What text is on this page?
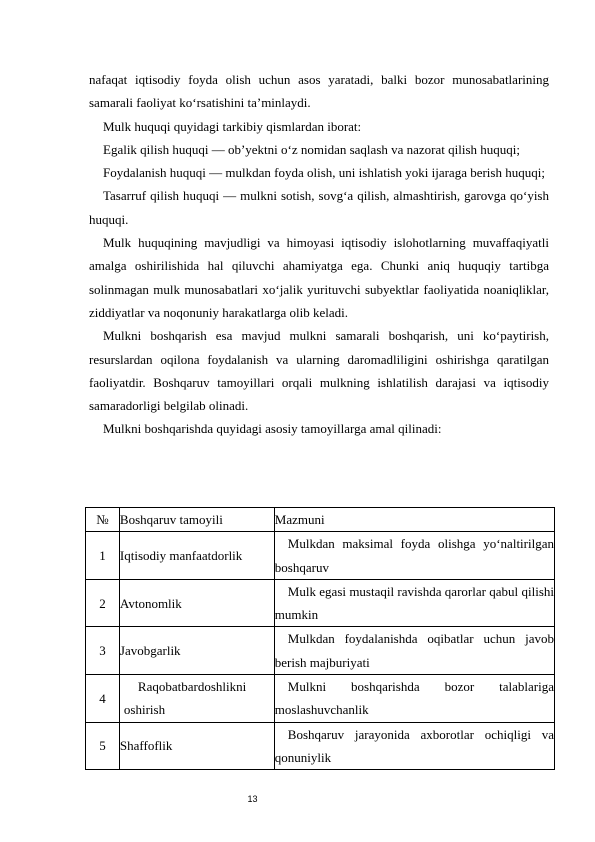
nafaqat iqtisodiy foyda olish uchun asos yaratadi, balki bozor munosabatlarining samarali faoliyat ko‘rsatishini ta’minlaydi.

Mulk huquqi quyidagi tarkibiy qismlardan iborat:

Egalik qilish huquqi — ob’yektni o‘z nomidan saqlash va nazorat qilish huquqi;

Foydalanish huquqi — mulkdan foyda olish, uni ishlatish yoki ijaraga berish huquqi;

Tasarruf qilish huquqi — mulkni sotish, sovg‘a qilish, almashtirish, garovga qo‘yish huquqi.

Mulk huquqining mavjudligi va himoyasi iqtisodiy islohotlarning muvaffaqiyatli amalga oshirilishida hal qiluvchi ahamiyatga ega. Chunki aniq huquqiy tartibga solinmagan mulk munosabatlari xo‘jalik yurituvchi subyektlar faoliyatida noaniqliklar, ziddiyatlar va noqonuniy harakatlarga olib keladi.

Mulkni boshqarish esa mavjud mulkni samarali boshqarish, uni ko‘paytirish, resurslardan oqilona foydalanish va ularning daromadliligini oshirishga qaratilgan faoliyatdir. Boshqaruv tamoyillari orqali mulkning ishlatilish darajasi va iqtisodiy samaradorligi belgilab olinadi.

Mulkni boshqarishda quyidagi asosiy tamoyillarga amal qilinadi:

№	Boshqaruv tamoyili	Mazmuni
1	Iqtisodiy manfaatdorlik	Mulkdan maksimal foyda olishga yo‘naltirilgan boshqaruv

2	Avtonomlik	Mulk egasi mustaqil ravishda qarorlar qabul qilishi mumkin

3	Javobgarlik	Mulkdan foydalanishda oqibatlar uchun javob berish majburiyati

4	Raqobatbardoshlikni oshirish	Mulkni boshqarishda bozor talablariga moslashuvchanlik

5	Shaffoflik	Boshqaruv jarayonida axborotlar ochiqligi va qonuniylik
13
